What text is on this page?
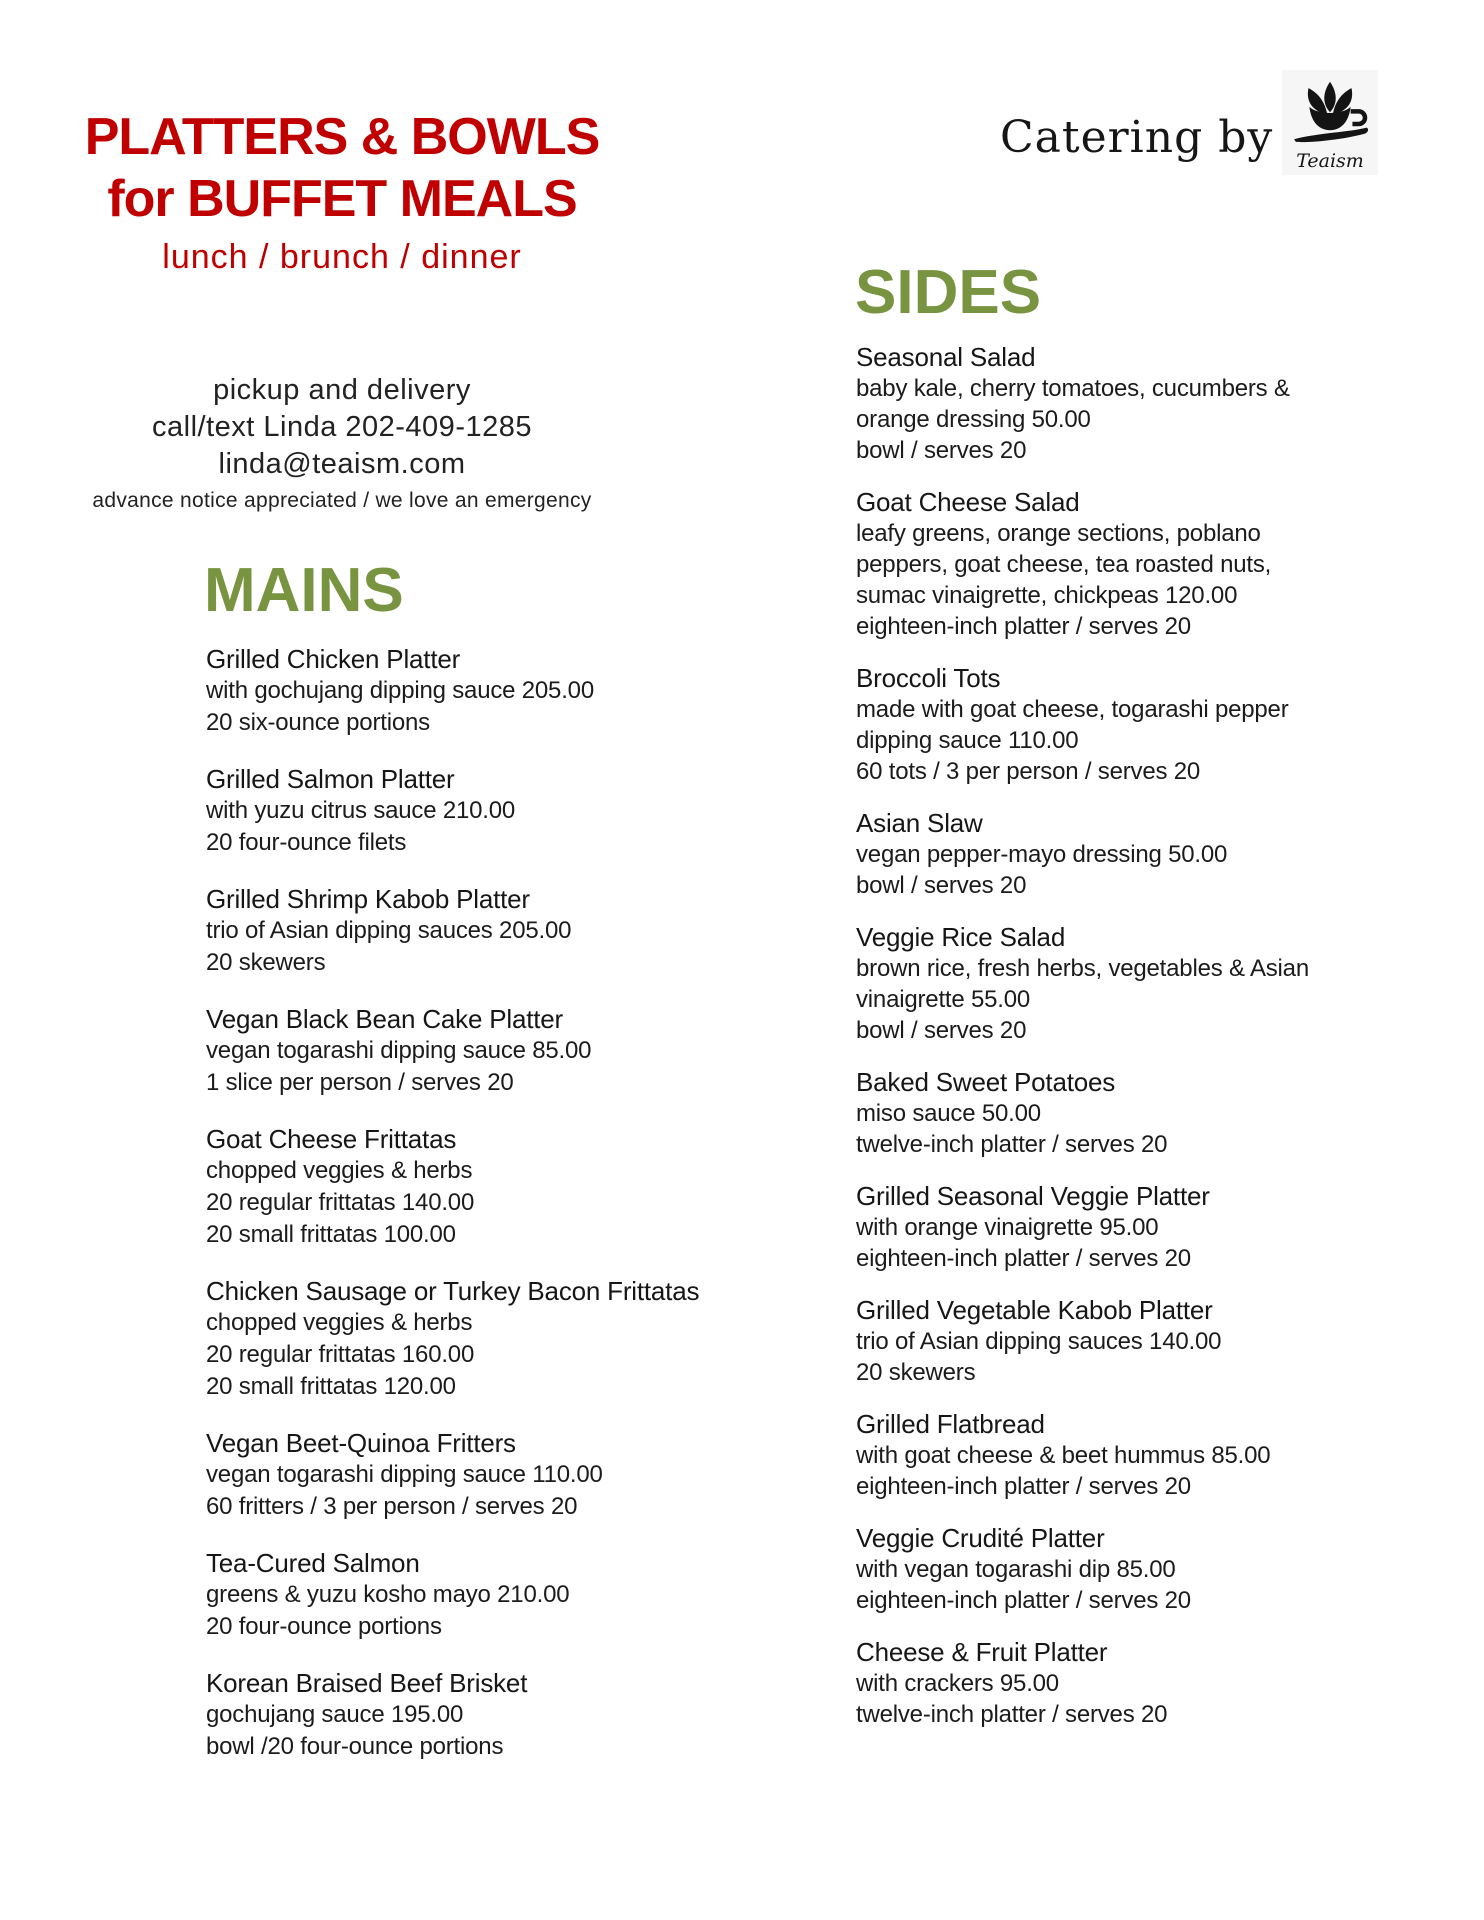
PLATTERS & BOWLS
for BUFFET MEALS
lunch / brunch / dinner
pickup and delivery
call/text Linda 202-409-1285
linda@teaism.com
advance notice appreciated / we love an emergency
Catering by Teaism
MAINS
Grilled Chicken Platter
with gochujang dipping sauce 205.00
20 six-ounce portions
Grilled Salmon Platter
with yuzu citrus sauce 210.00
20 four-ounce filets
Grilled Shrimp Kabob Platter
trio of Asian dipping sauces 205.00
20 skewers
Vegan Black Bean Cake Platter
vegan togarashi dipping sauce 85.00
1 slice per person / serves 20
Goat Cheese Frittatas
chopped veggies & herbs
20 regular frittatas 140.00
20 small frittatas 100.00
Chicken Sausage or Turkey Bacon Frittatas
chopped veggies & herbs
20 regular frittatas 160.00
20 small frittatas 120.00
Vegan Beet-Quinoa Fritters
vegan togarashi dipping sauce 110.00
60 fritters / 3 per person / serves 20
Tea-Cured Salmon
greens & yuzu kosho mayo 210.00
20 four-ounce portions
Korean Braised Beef Brisket
gochujang sauce 195.00
bowl /20 four-ounce portions
SIDES
Seasonal Salad
baby kale, cherry tomatoes, cucumbers &
orange dressing 50.00
bowl / serves 20
Goat Cheese Salad
leafy greens, orange sections, poblano
peppers, goat cheese, tea roasted nuts,
sumac vinaigrette, chickpeas 120.00
eighteen-inch platter / serves 20
Broccoli Tots
made with goat cheese, togarashi pepper
dipping sauce 110.00
60 tots / 3 per person / serves 20
Asian Slaw
vegan pepper-mayo dressing 50.00
bowl / serves 20
Veggie Rice Salad
brown rice, fresh herbs, vegetables & Asian
vinaigrette 55.00
bowl / serves 20
Baked Sweet Potatoes
miso sauce 50.00
twelve-inch platter / serves 20
Grilled Seasonal Veggie Platter
with orange vinaigrette 95.00
eighteen-inch platter / serves 20
Grilled Vegetable Kabob Platter
trio of Asian dipping sauces 140.00
20 skewers
Grilled Flatbread
with goat cheese & beet hummus 85.00
eighteen-inch platter / serves 20
Veggie Crudité Platter
with vegan togarashi dip 85.00
eighteen-inch platter / serves 20
Cheese & Fruit Platter
with crackers 95.00
twelve-inch platter / serves 20
